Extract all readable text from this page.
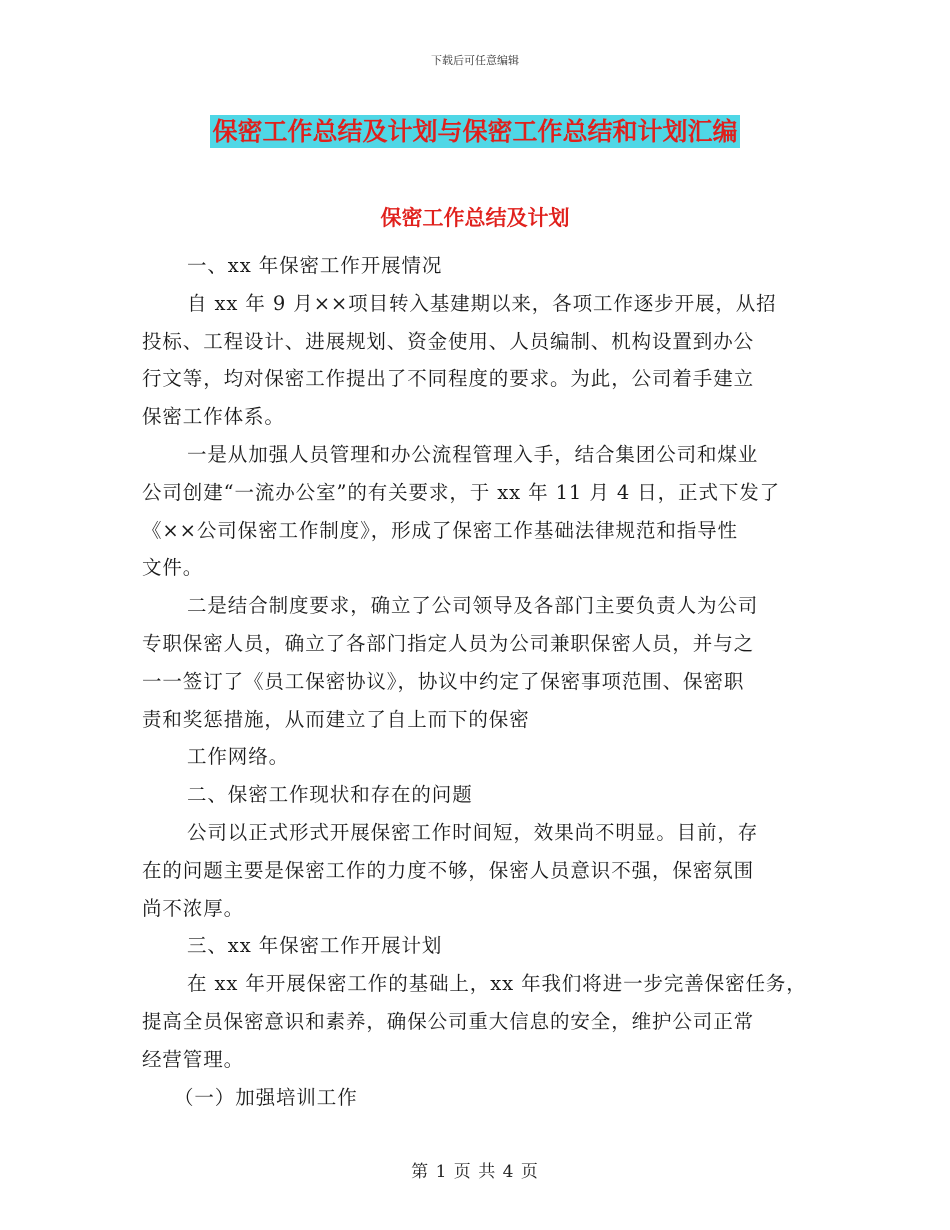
下载后可任意编辑
保密工作总结及计划与保密工作总结和计划汇编
保密工作总结及计划
一、xx 年保密工作开展情况
自 xx 年 9 月××项目转入基建期以来，各项工作逐步开展，从招
投标、工程设计、进展规划、资金使用、人员编制、机构设置到办公
行文等，均对保密工作提出了不同程度的要求。为此，公司着手建立
保密工作体系。
一是从加强人员管理和办公流程管理入手，结合集团公司和煤业
公司创建“一流办公室”的有关要求，于 xx 年 11 月 4 日，正式下发了
《××公司保密工作制度》，形成了保密工作基础法律规范和指导性
文件。
二是结合制度要求，确立了公司领导及各部门主要负责人为公司
专职保密人员，确立了各部门指定人员为公司兼职保密人员，并与之
一一签订了《员工保密协议》，协议中约定了保密事项范围、保密职
责和奖惩措施，从而建立了自上而下的保密
工作网络。
二、保密工作现状和存在的问题
公司以正式形式开展保密工作时间短，效果尚不明显。目前，存
在的问题主要是保密工作的力度不够，保密人员意识不强，保密氛围
尚不浓厚。
三、xx 年保密工作开展计划
在 xx 年开展保密工作的基础上，xx 年我们将进一步完善保密任务，
提高全员保密意识和素养，确保公司重大信息的安全，维护公司正常
经营管理。
（一）加强培训工作
第 1 页 共 4 页
